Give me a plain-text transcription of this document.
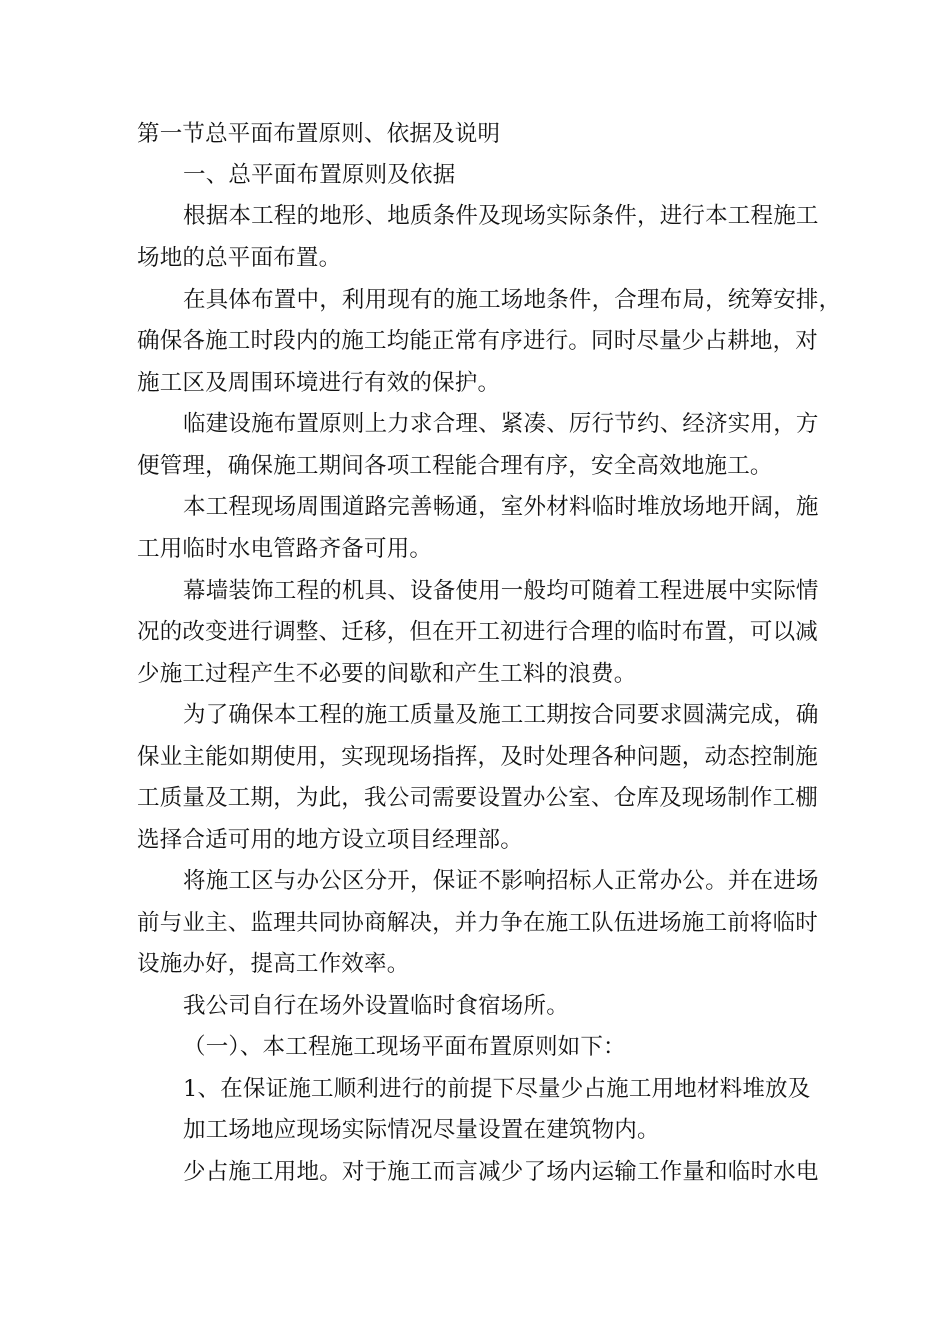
第一节总平面布置原则、依据及说明
一、总平面布置原则及依据
根据本工程的地形、地质条件及现场实际条件，进行本工程施工
场地的总平面布置。
在具体布置中，利用现有的施工场地条件，合理布局，统筹安排，
确保各施工时段内的施工均能正常有序进行。同时尽量少占耕地，对
施工区及周围环境进行有效的保护。
临建设施布置原则上力求合理、紧凑、厉行节约、经济实用，方
便管理，确保施工期间各项工程能合理有序，安全高效地施工。
本工程现场周围道路完善畅通，室外材料临时堆放场地开阔，施
工用临时水电管路齐备可用。
幕墙装饰工程的机具、设备使用一般均可随着工程进展中实际情
况的改变进行调整、迁移，但在开工初进行合理的临时布置，可以减
少施工过程产生不必要的间歇和产生工料的浪费。
为了确保本工程的施工质量及施工工期按合同要求圆满完成，确
保业主能如期使用，实现现场指挥，及时处理各种问题，动态控制施
工质量及工期，为此，我公司需要设置办公室、仓库及现场制作工棚
选择合适可用的地方设立项目经理部。
将施工区与办公区分开，保证不影响招标人正常办公。并在进场
前与业主、监理共同协商解决，并力争在施工队伍进场施工前将临时
设施办好，提高工作效率。
我公司自行在场外设置临时食宿场所。
（一）、本工程施工现场平面布置原则如下：
1、在保证施工顺利进行的前提下尽量少占施工用地材料堆放及
加工场地应现场实际情况尽量设置在建筑物内。
少占施工用地。对于施工而言减少了场内运输工作量和临时水电
